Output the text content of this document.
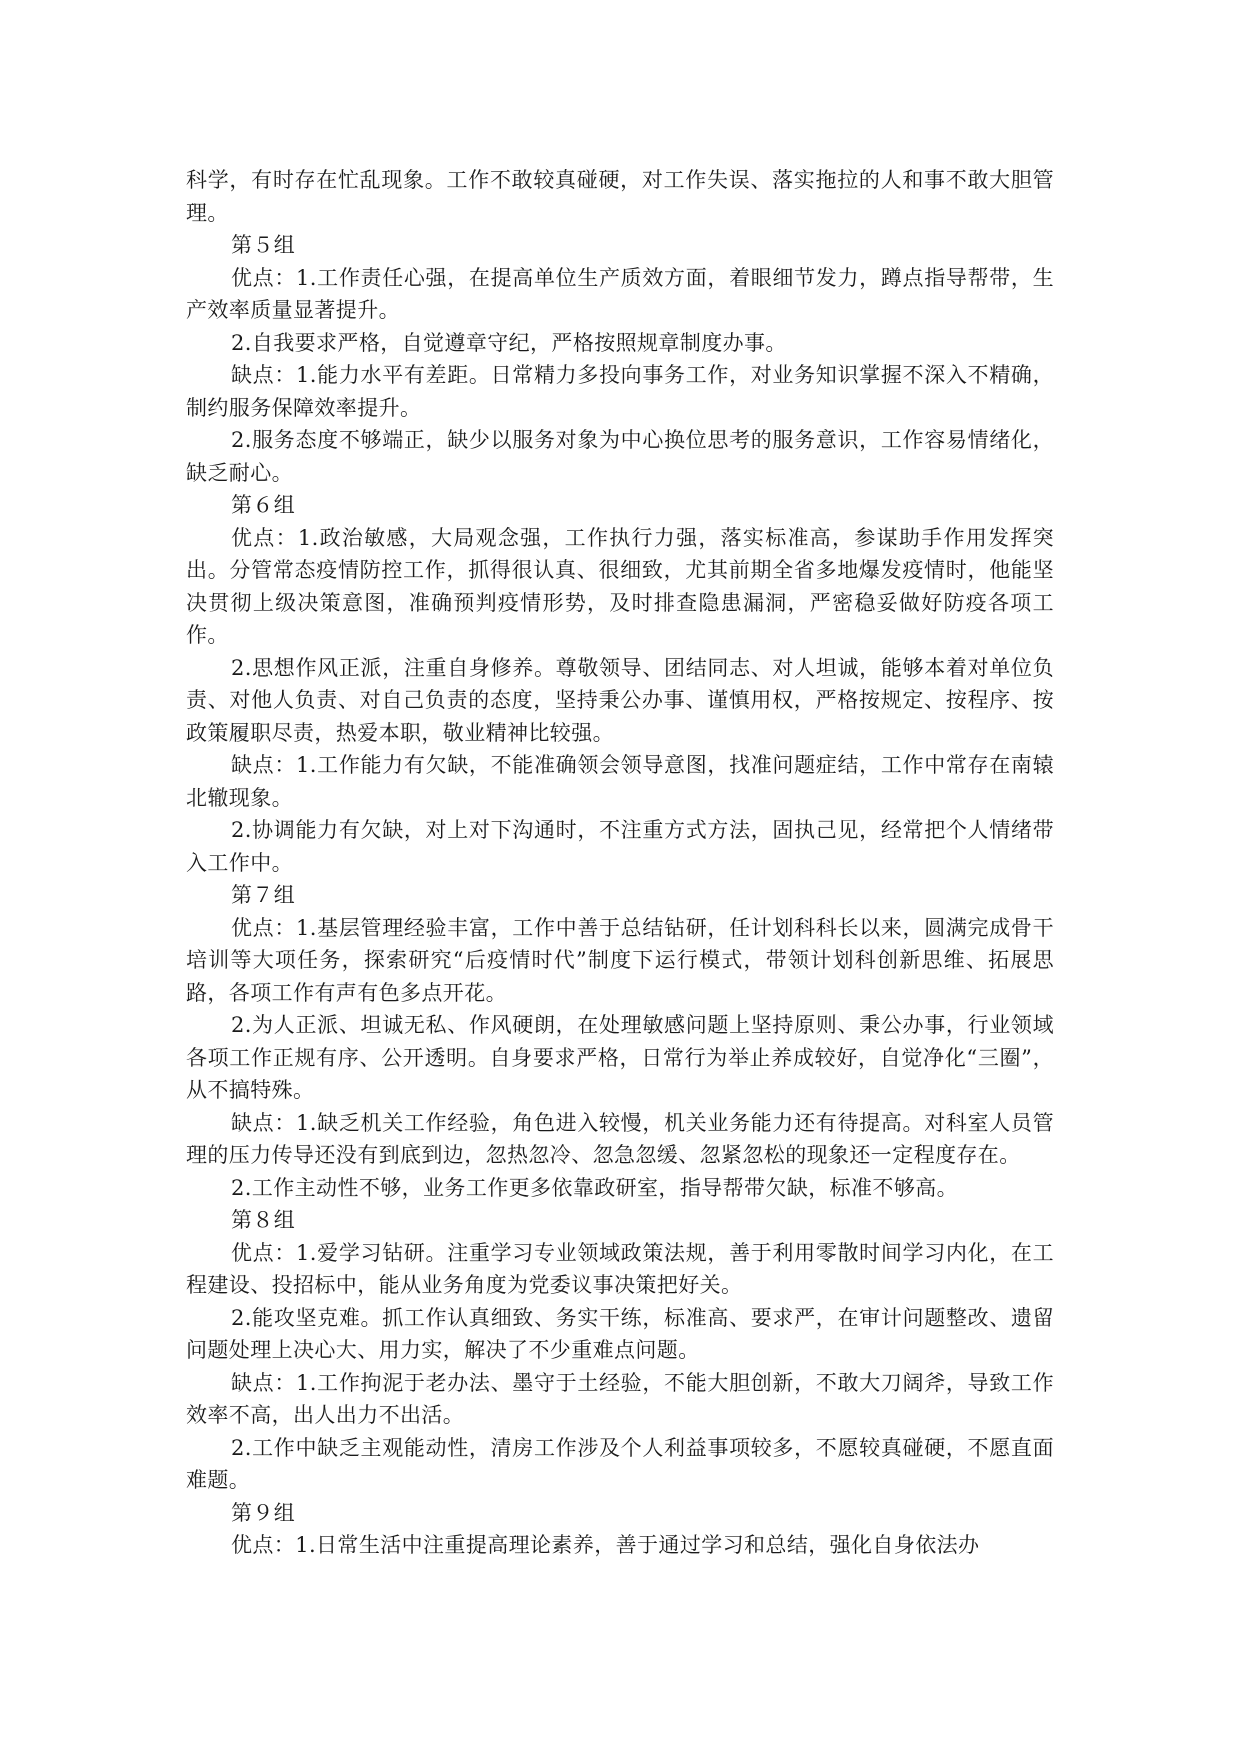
科学，有时存在忙乱现象。工作不敢较真碰硬，对工作失误、落实拖拉的人和事不敢大胆管理。

第５组

优点：1.工作责任心强，在提高单位生产质效方面，着眼细节发力，蹲点指导帮带，生产效率质量显著提升。

2.自我要求严格，自觉遵章守纪，严格按照规章制度办事。

缺点：1.能力水平有差距。日常精力多投向事务工作，对业务知识掌握不深入不精确，制约服务保障效率提升。

2.服务态度不够端正，缺少以服务对象为中心换位思考的服务意识，工作容易情绪化，缺乏耐心。

第６组

优点：1.政治敏感，大局观念强，工作执行力强，落实标准高，参谋助手作用发挥突出。分管常态疫情防控工作，抓得很认真、很细致，尤其前期全省多地爆发疫情时，他能坚决贯彻上级决策意图，准确预判疫情形势，及时排查隐患漏洞，严密稳妥做好防疫各项工作。

2.思想作风正派，注重自身修养。尊敬领导、团结同志、对人坦诚，能够本着对单位负责、对他人负责、对自己负责的态度，坚持秉公办事、谨慎用权，严格按规定、按程序、按政策履职尽责，热爱本职，敬业精神比较强。

缺点：1.工作能力有欠缺，不能准确领会领导意图，找准问题症结，工作中常存在南辕北辙现象。

2.协调能力有欠缺，对上对下沟通时，不注重方式方法，固执己见，经常把个人情绪带入工作中。

第７组

优点：1.基层管理经验丰富，工作中善于总结钻研，任计划科科长以来，圆满完成骨干培训等大项任务，探索研究“后疫情时代”制度下运行模式，带领计划科创新思维、拓展思路，各项工作有声有色多点开花。

2.为人正派、坦诚无私、作风硬朗，在处理敏感问题上坚持原则、秉公办事，行业领域各项工作正规有序、公开透明。自身要求严格，日常行为举止养成较好，自觉净化“三圈”，从不搞特殊。

缺点：1.缺乏机关工作经验，角色进入较慢，机关业务能力还有待提高。对科室人员管理的压力传导还没有到底到边，忽热忽冷、忽急忽缓、忽紧忽松的现象还一定程度存在。

2.工作主动性不够，业务工作更多依靠政研室，指导帮带欠缺，标准不够高。

第８组

优点：1.爱学习钻研。注重学习专业领域政策法规，善于利用零散时间学习内化，在工程建设、投招标中，能从业务角度为党委议事决策把好关。

2.能攻坚克难。抓工作认真细致、务实干练，标准高、要求严，在审计问题整改、遗留问题处理上决心大、用力实，解决了不少重难点问题。

缺点：1.工作拘泥于老办法、墨守于土经验，不能大胆创新，不敢大刀阔斧，导致工作效率不高，出人出力不出活。

2.工作中缺乏主观能动性，清房工作涉及个人利益事项较多，不愿较真碰硬，不愿直面难题。

第９组

优点：1.日常生活中注重提高理论素养，善于通过学习和总结，强化自身依法办
